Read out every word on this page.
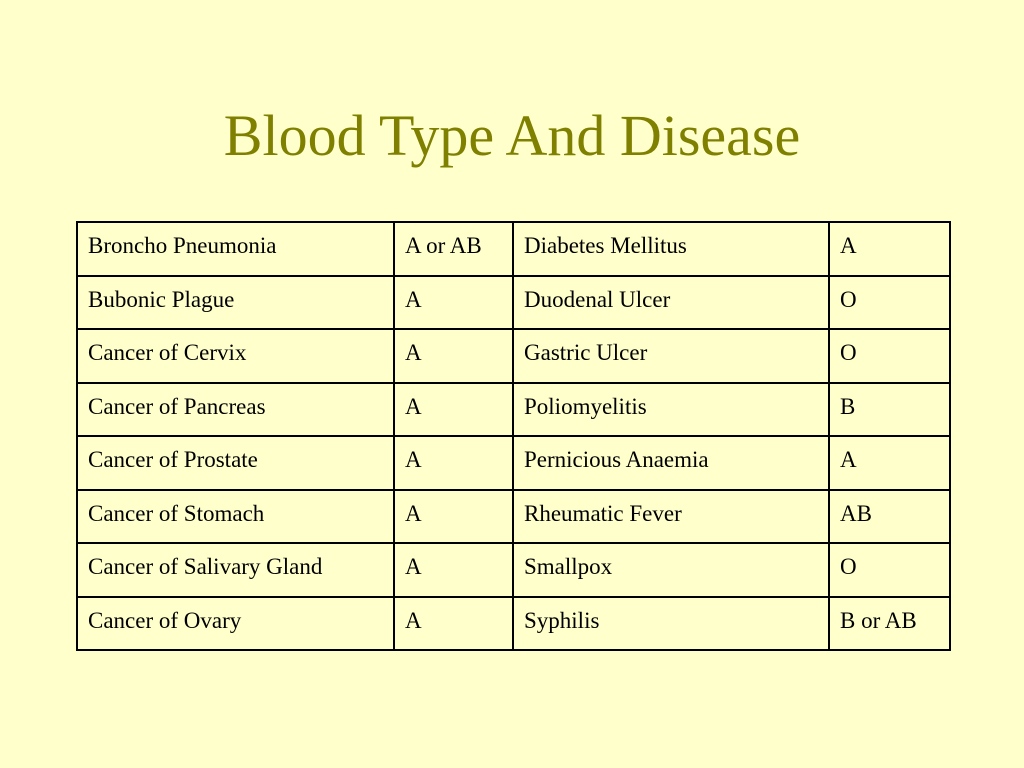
Blood Type And Disease
Broncho Pneumonia	A or AB	Diabetes Mellitus	A
Bubonic Plague	A	Duodenal Ulcer	O
Cancer of Cervix	A	Gastric Ulcer	O
Cancer of Pancreas	A	Poliomyelitis	B
Cancer of Prostate	A	Pernicious Anaemia	A
Cancer of Stomach	A	Rheumatic Fever	AB
Cancer of Salivary Gland	A	Smallpox	O
Cancer of Ovary	A	Syphilis	B or AB
